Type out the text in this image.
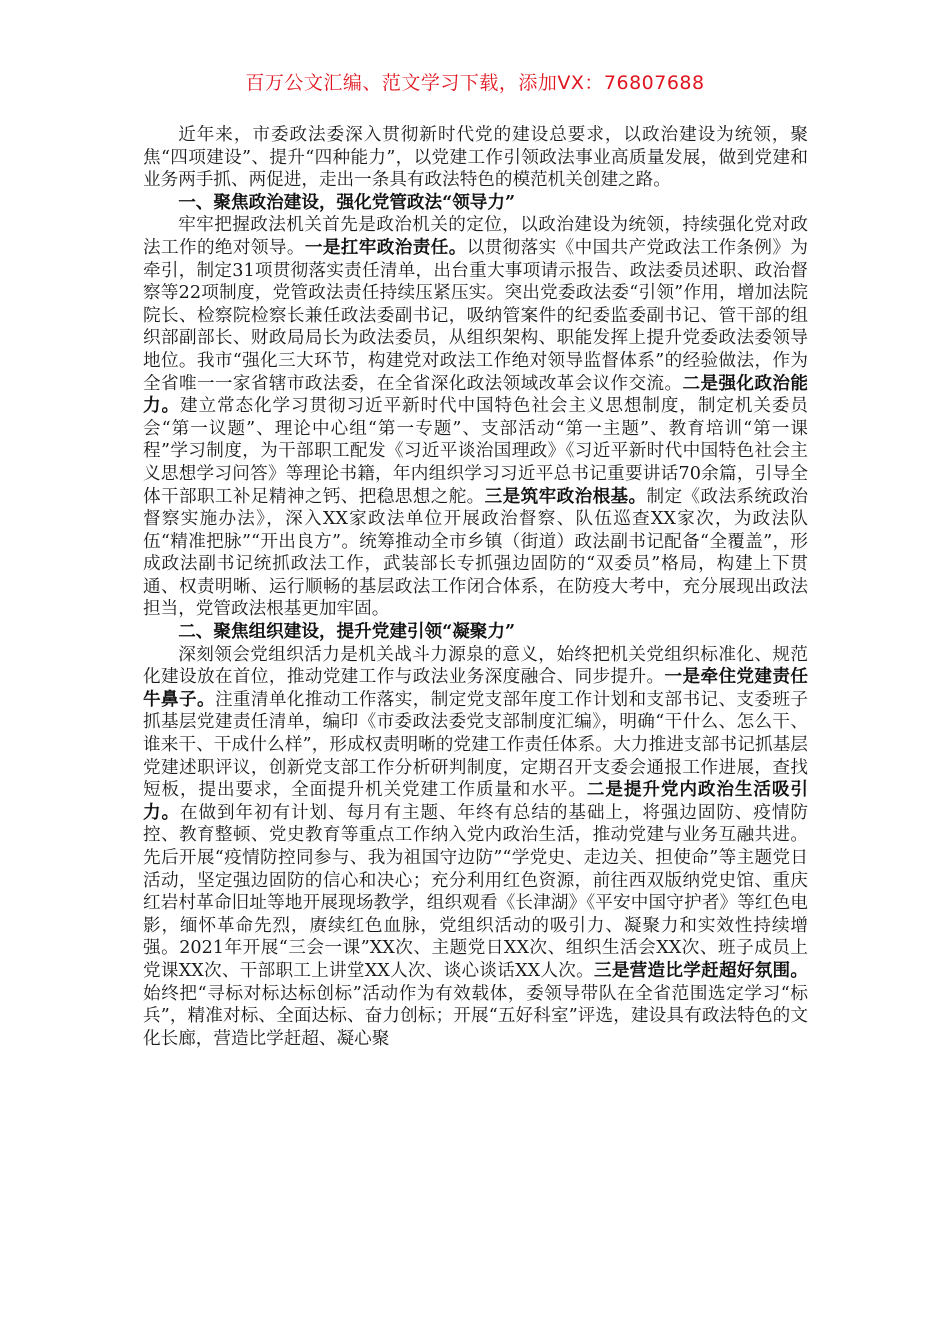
百万公文汇编、范文学习下载，添加VX：76807688

近年来，市委政法委深入贯彻新时代党的建设总要求，以政治建设为统领，聚焦“四项建设”、提升“四种能力”，以党建工作引领政法事业高质量发展，做到党建和业务两手抓、两促进，走出一条具有政法特色的模范机关创建之路。

一、聚焦政治建设，强化党管政法“领导力”

牢牢把握政法机关首先是政治机关的定位，以政治建设为统领，持续强化党对政法工作的绝对领导。一是扛牢政治责任。以贯彻落实《中国共产党政法工作条例》为牵引，制定31项贯彻落实责任清单，出台重大事项请示报告、政法委员述职、政治督察等22项制度，党管政法责任持续压紧压实。突出党委政法委“引领”作用，增加法院院长、检察院检察长兼任政法委副书记，吸纳管案件的纪委监委副书记、管干部的组织部副部长、财政局局长为政法委员，从组织架构、职能发挥上提升党委政法委领导地位。我市“强化三大环节，构建党对政法工作绝对领导监督体系”的经验做法，作为全省唯一一家省辖市政法委，在全省深化政法领域改革会议作交流。二是强化政治能力。建立常态化学习贯彻习近平新时代中国特色社会主义思想制度，制定机关委员会“第一议题”、理论中心组“第一专题”、支部活动“第一主题”、教育培训“第一课程”学习制度，为干部职工配发《习近平谈治国理政》《习近平新时代中国特色社会主义思想学习问答》等理论书籍，年内组织学习习近平总书记重要讲话70余篇，引导全体干部职工补足精神之钙、把稳思想之舵。三是筑牢政治根基。制定《政法系统政治督察实施办法》，深入XX家政法单位开展政治督察、队伍巡查XX家次，为政法队伍“精准把脉”“开出良方”。统筹推动全市乡镇（街道）政法副书记配备“全覆盖”，形成政法副书记统抓政法工作，武装部长专抓强边固防的“双委员”格局，构建上下贯通、权责明晰、运行顺畅的基层政法工作闭合体系，在防疫大考中，充分展现出政法担当，党管政法根基更加牢固。

二、聚焦组织建设，提升党建引领“凝聚力”

深刻领会党组织活力是机关战斗力源泉的意义，始终把机关党组织标准化、规范化建设放在首位，推动党建工作与政法业务深度融合、同步提升。一是牵住党建责任牛鼻子。注重清单化推动工作落实，制定党支部年度工作计划和支部书记、支委班子抓基层党建责任清单，编印《市委政法委党支部制度汇编》，明确“干什么、怎么干、谁来干、干成什么样”，形成权责明晰的党建工作责任体系。大力推进支部书记抓基层党建述职评议，创新党支部工作分析研判制度，定期召开支委会通报工作进展，查找短板，提出要求，全面提升机关党建工作质量和水平。二是提升党内政治生活吸引力。在做到年初有计划、每月有主题、年终有总结的基础上，将强边固防、疫情防控、教育整顿、党史教育等重点工作纳入党内政治生活，推动党建与业务互融共进。先后开展“疫情防控同参与、我为祖国守边防”“学党史、走边关、担使命”等主题党日活动，坚定强边固防的信心和决心；充分利用红色资源，前往西双版纳党史馆、重庆红岩村革命旧址等地开展现场教学，组织观看《长津湖》《平安中国守护者》等红色电影，缅怀革命先烈，赓续红色血脉，党组织活动的吸引力、凝聚力和实效性持续增强。2021年开展“三会一课”XX次、主题党日XX次、组织生活会XX次、班子成员上党课XX次、干部职工上讲堂XX人次、谈心谈话XX人次。三是营造比学赶超好氛围。始终把“寻标对标达标创标”活动作为有效载体，委领导带队在全省范围选定学习“标兵”，精准对标、全面达标、奋力创标；开展“五好科室”评选，建设具有政法特色的文化长廊，营造比学赶超、凝心聚
